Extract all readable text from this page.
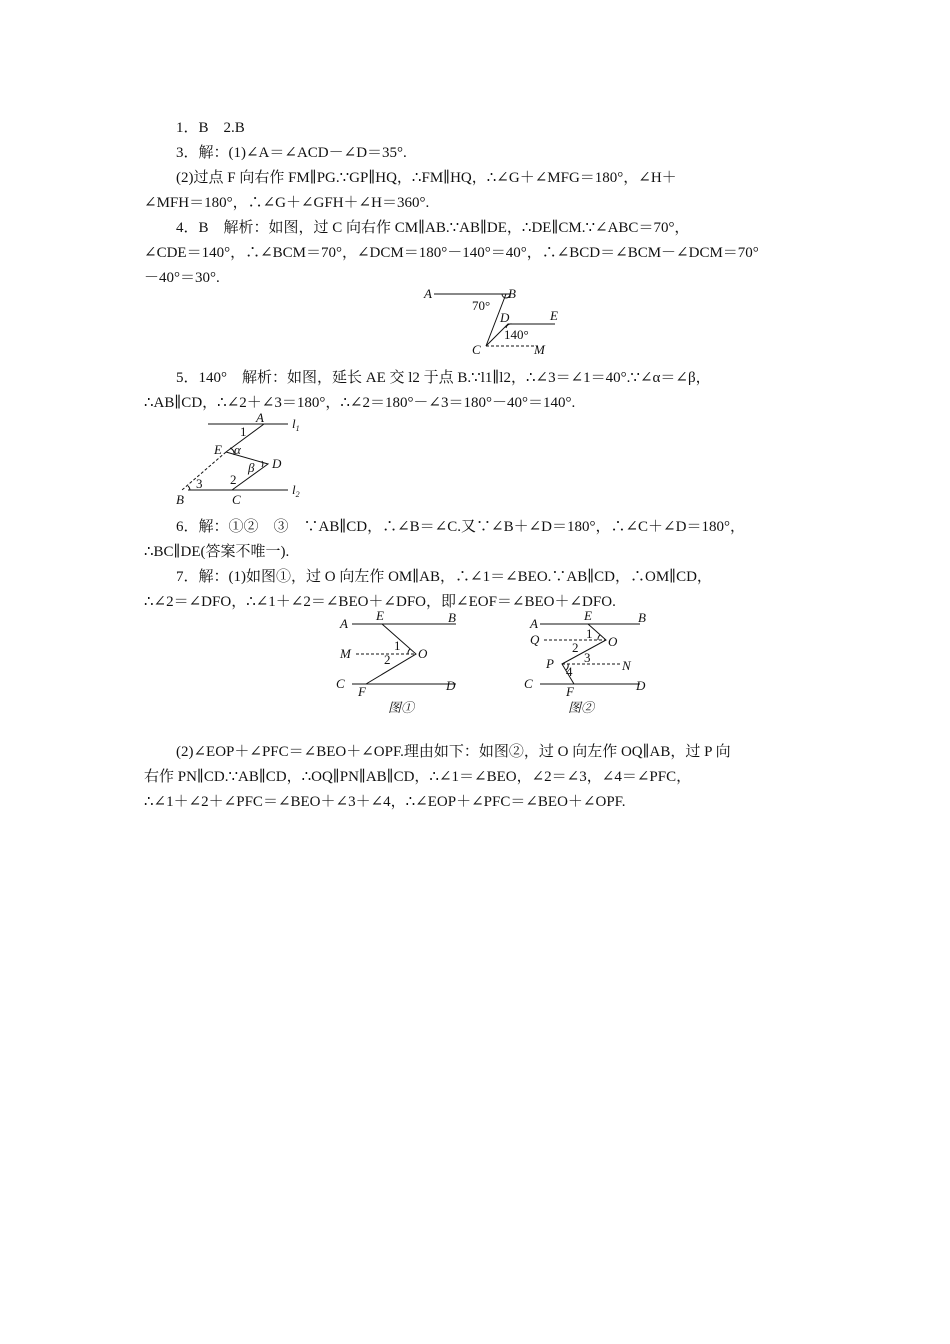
1．B　2.B
3．解：(1)∠A＝∠ACD－∠D＝35°.
(2)过点 F 向右作 FM∥PG.∵GP∥HQ，∴FM∥HQ，∴∠G＋∠MFG＝180°，∠H＋
∠MFH＝180°，∴∠G＋∠GFH＋∠H＝360°.
4．B　解析：如图，过 C 向右作 CM∥AB.∵AB∥DE，∴DE∥CM.∵∠ABC＝70°，
∠CDE＝140°，∴∠BCM＝70°，∠DCM＝180°－140°＝40°，∴∠BCD＝∠BCM－∠DCM＝70°
－40°＝30°.
A	B
70°
D	E
140°
C	M
5．140°　解析：如图，延长 AE 交 l2 于点 B.∵l1∥l2，∴∠3＝∠1＝40°.∵∠α＝∠β，
∴AB∥CD，∴∠2＋∠3＝180°，∴∠2＝180°－∠3＝180°－40°＝140°.
A $l_1$
1
E α
β D
2
B
3
C
$l_2$
6．解：①②　③　∵AB∥CD，∴∠B＝∠C.又∵∠B＋∠D＝180°，∴∠C＋∠D＝180°，
∴BC∥DE(答案不唯一).
7．解：(1)如图①，过 O 向左作 OM∥AB，∴∠1＝∠BEO.∵AB∥CD，∴OM∥CD，
∴∠2＝∠DFO，∴∠1＋∠2＝∠BEO＋∠DFO，即∠EOF＝∠BEO＋∠DFO.
A
E	B
M
1
2 O
C
F	D
图①
A
E	B
Q	1
O
2
P 3
N
4
C
F	D
图②
(2)∠EOP＋∠PFC＝∠BEO＋∠OPF.理由如下：如图②，过 O 向左作 OQ∥AB，过 P 向
右作 PN∥CD.∵AB∥CD，∴OQ∥PN∥AB∥CD，∴∠1＝∠BEO，∠2＝∠3，∠4＝∠PFC，
∴∠1＋∠2＋∠PFC＝∠BEO＋∠3＋∠4，∴∠EOP＋∠PFC＝∠BEO＋∠OPF.
